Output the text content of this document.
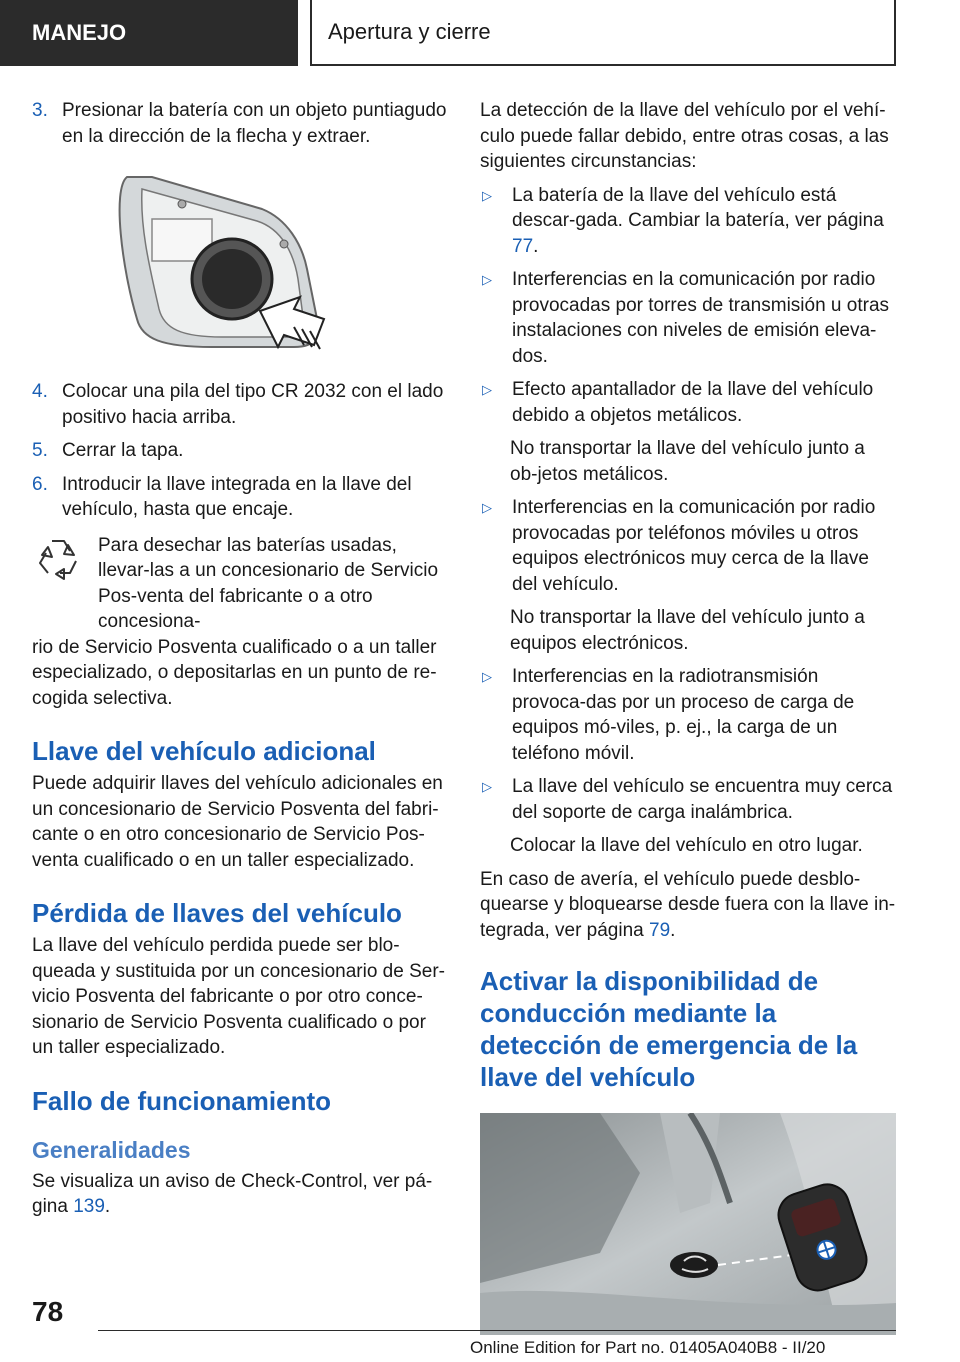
MANEJO	Apertura y cierre
3. Presionar la batería con un objeto puntiagudo en la dirección de la flecha y extraer.
4. Colocar una pila del tipo CR 2032 con el lado positivo hacia arriba.
5. Cerrar la tapa.
6. Introducir la llave integrada en la llave del vehículo, hasta que encaje.

Para desechar las baterías usadas, llevar-las a un concesionario de Servicio Pos-venta del fabricante o a otro concesiona-

rio de Servicio Posventa cualificado o a un taller especializado, o depositarlas en un punto de re-cogida selectiva.

Llave del vehículo adicional

Puede adquirir llaves del vehículo adicionales en un concesionario de Servicio Posventa del fabri-cante o en otro concesionario de Servicio Pos-venta cualificado o en un taller especializado.

Pérdida de llaves del vehículo

La llave del vehículo perdida puede ser blo-queada y sustituida por un concesionario de Ser-vicio Posventa del fabricante o por otro conce-sionario de Servicio Posventa cualificado o por un taller especializado.

Fallo de funcionamiento
Generalidades

Se visualiza un aviso de Check-Control, ver pá-gina 139.

La detección de la llave del vehículo por el vehí-culo puede fallar debido, entre otras cosas, a las siguientes circunstancias:

▷	La batería de la llave del vehículo está descar-gada. Cambiar la batería, ver página 77.
▷	Interferencias en la comunicación por radio provocadas por torres de transmisión u otras instalaciones con niveles de emisión eleva-dos.
▷	Efecto apantallador de la llave del vehículo debido a objetos metálicos.
No transportar la llave del vehículo junto a ob-jetos metálicos.
▷	Interferencias en la comunicación por radio provocadas por teléfonos móviles u otros equipos electrónicos muy cerca de la llave del vehículo.
No transportar la llave del vehículo junto a equipos electrónicos.
▷	Interferencias en la radiotransmisión provoca-das por un proceso de carga de equipos mó-viles, p. ej., la carga de un teléfono móvil.
▷	La llave del vehículo se encuentra muy cerca del soporte de carga inalámbrica.
Colocar la llave del vehículo en otro lugar.

En caso de avería, el vehículo puede desblo-quearse y bloquearse desde fuera con la llave in-tegrada, ver página 79.

Activar la disponibilidad de conducción mediante la detección de emergencia de la llave del vehículo
78
Online Edition for Part no. 01405A040B8 - II/20
